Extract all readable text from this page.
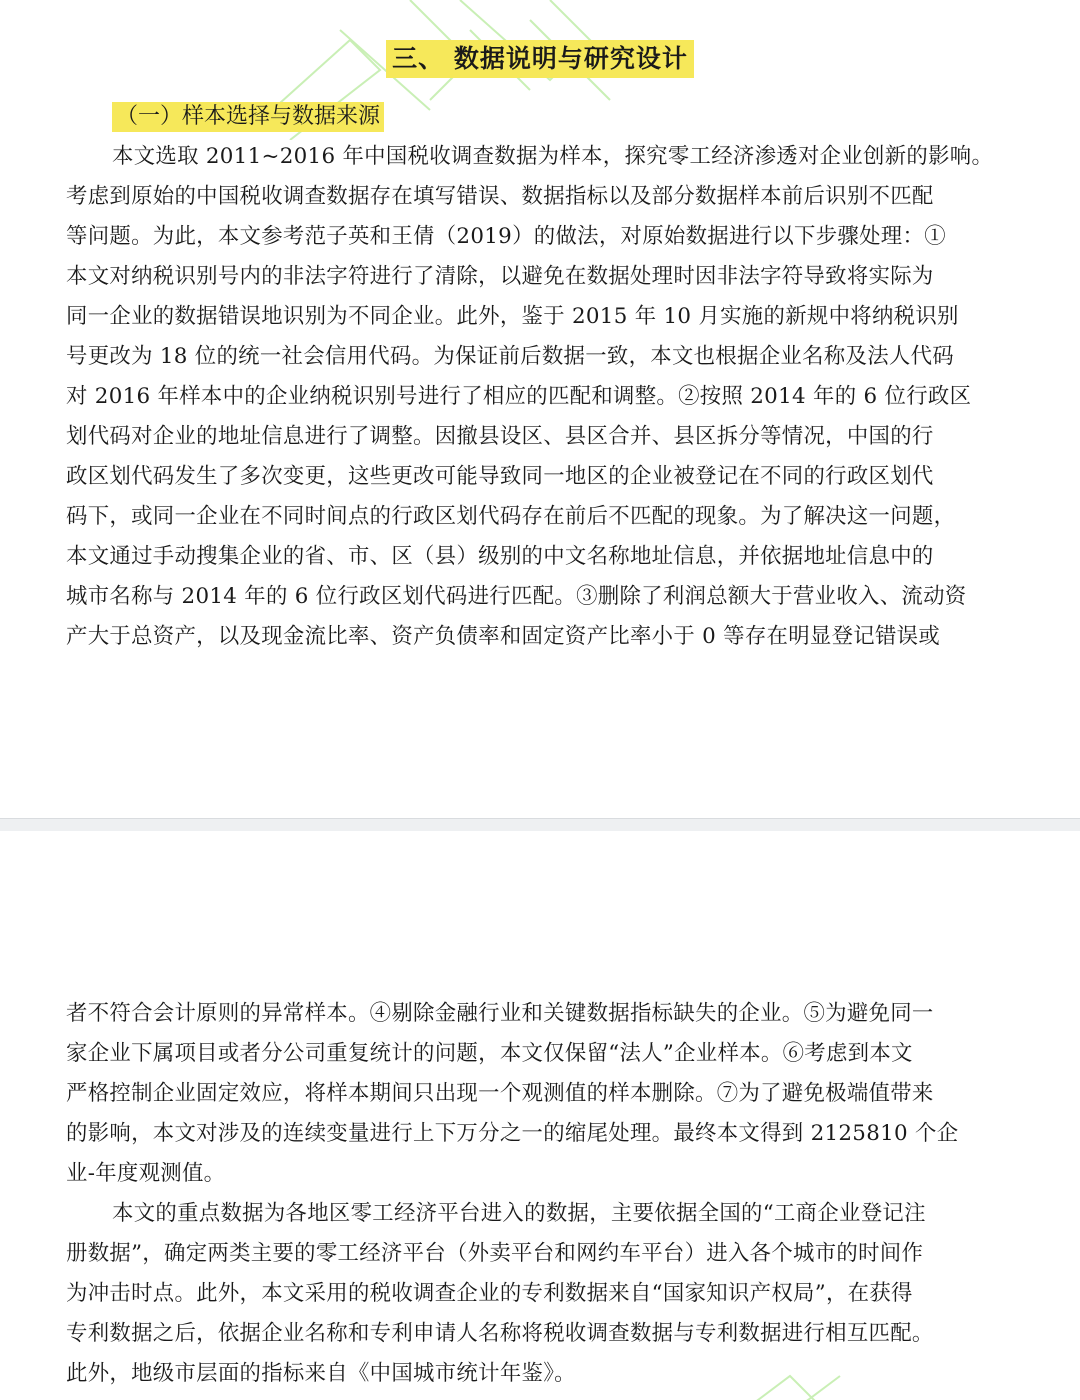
三、 数据说明与研究设计
（一）样本选择与数据来源
本文选取 2011~2016 年中国税收调查数据为样本，探究零工经济渗透对企业创新的影响。
考虑到原始的中国税收调查数据存在填写错误、数据指标以及部分数据样本前后识别不匹配
等问题。为此，本文参考范子英和王倩（2019）的做法，对原始数据进行以下步骤处理：①
本文对纳税识别号内的非法字符进行了清除，以避免在数据处理时因非法字符导致将实际为
同一企业的数据错误地识别为不同企业。此外，鉴于 2015 年 10 月实施的新规中将纳税识别
号更改为 18 位的统一社会信用代码。为保证前后数据一致，本文也根据企业名称及法人代码
对 2016 年样本中的企业纳税识别号进行了相应的匹配和调整。②按照 2014 年的 6 位行政区
划代码对企业的地址信息进行了调整。因撤县设区、县区合并、县区拆分等情况，中国的行
政区划代码发生了多次变更，这些更改可能导致同一地区的企业被登记在不同的行政区划代
码下，或同一企业在不同时间点的行政区划代码存在前后不匹配的现象。为了解决这一问题，
本文通过手动搜集企业的省、市、区（县）级别的中文名称地址信息，并依据地址信息中的
城市名称与 2014 年的 6 位行政区划代码进行匹配。③删除了利润总额大于营业收入、流动资
产大于总资产，以及现金流比率、资产负债率和固定资产比率小于 0 等存在明显登记错误或
者不符合会计原则的异常样本。④剔除金融行业和关键数据指标缺失的企业。⑤为避免同一
家企业下属项目或者分公司重复统计的问题，本文仅保留“法人”企业样本。⑥考虑到本文
严格控制企业固定效应，将样本期间只出现一个观测值的样本删除。⑦为了避免极端值带来
的影响，本文对涉及的连续变量进行上下万分之一的缩尾处理。最终本文得到 2125810 个企
业-年度观测值。
本文的重点数据为各地区零工经济平台进入的数据，主要依据全国的“工商企业登记注
册数据”，确定两类主要的零工经济平台（外卖平台和网约车平台）进入各个城市的时间作
为冲击时点。此外，本文采用的税收调查企业的专利数据来自“国家知识产权局”，在获得
专利数据之后，依据企业名称和专利申请人名称将税收调查数据与专利数据进行相互匹配。
此外，地级市层面的指标来自《中国城市统计年鉴》。
